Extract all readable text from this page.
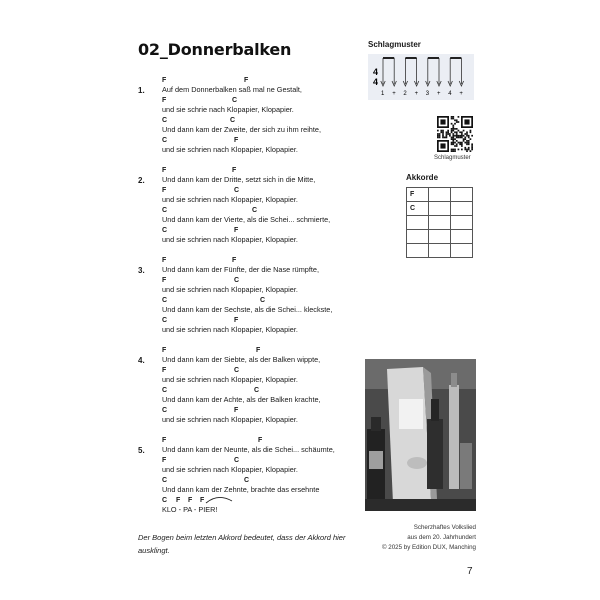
02_Donnerbalken
1.
F	F
Auf dem Donnerbalken saß mal ne Gestalt,
F	C
und sie schrie nach Klopapier, Klopapier.
C	C
Und dann kam der Zweite, der sich zu ihm reihte,
C	F
und sie schrien nach Klopapier, Klopapier.
2.
F	F
Und dann kam der Dritte, setzt sich in die Mitte,
F	C
und sie schrien nach Klopapier, Klopapier.
C	C
Und dann kam der Vierte, als die Schei... schmierte,
C	F
und sie schrien nach Klopapier, Klopapier.
3.
F	F
Und dann kam der Fünfte, der die Nase rümpfte,
F	C
und sie schrien nach Klopapier, Klopapier.
C	C
Und dann kam der Sechste, als die Schei... kleckste,
C	F
und sie schrien nach Klopapier, Klopapier.
4.
F	F
Und dann kam der Siebte, als der Balken wippte,
F	C
und sie schrien nach Klopapier, Klopapier.
C	C
Und dann kam der Achte, als der Balken krachte,
C	F
und sie schrien nach Klopapier, Klopapier.
5.
F	F
Und dann kam der Neunte, als die Schei... schäumte,
F	C
und sie schrien nach Klopapier, Klopapier.
C	C
Und dann kam der Zehnte, brachte das ersehnte
C F F F
KLO - PA - PIER!
Der Bogen beim letzten Akkord bedeutet, dass der Akkord hier ausklingt.
Schlagmuster
4
4
1 + 2 + 3 + 4 +
Schlagmuster
Akkorde
F		
C		

Scherzhaftes Volkslied
aus dem 20. Jahrhundert
© 2025 by Edition DUX, Manching
7
